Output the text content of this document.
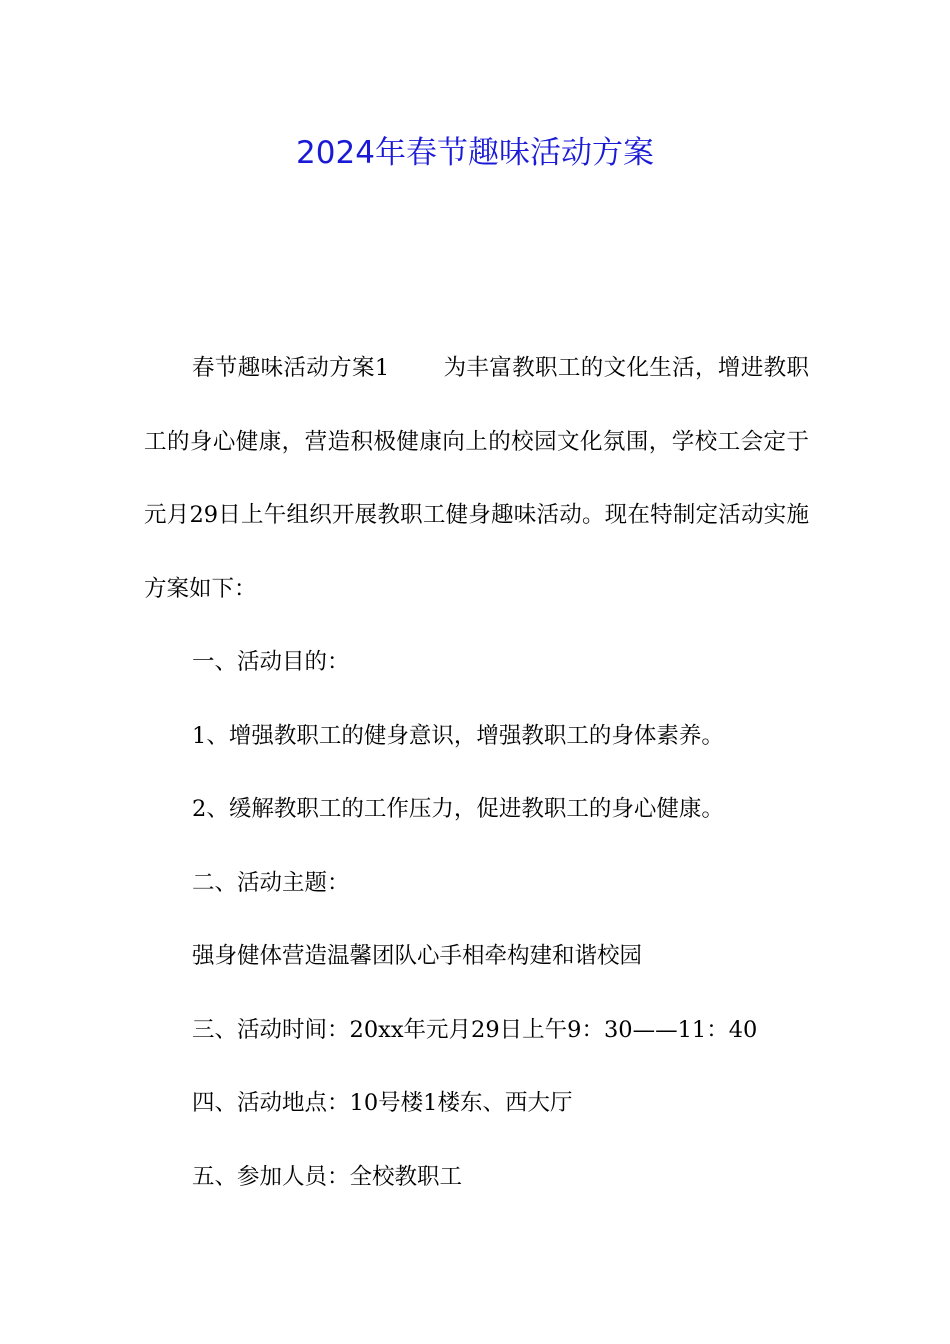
2024年春节趣味活动方案

春节趣味活动方案1 为丰富教职工的文化生活，增进教职工的身心健康，营造积极健康向上的校园文化氛围，学校工会定于元月29日上午组织开展教职工健身趣味活动。现在特制定活动实施方案如下：

一、活动目的：

1、增强教职工的健身意识，增强教职工的身体素养。

2、缓解教职工的工作压力，促进教职工的身心健康。

二、活动主题：

强身健体营造温馨团队心手相牵构建和谐校园

三、活动时间：20xx年元月29日上午9：30——11：40

四、活动地点：10号楼1楼东、西大厅

五、参加人员：全校教职工
